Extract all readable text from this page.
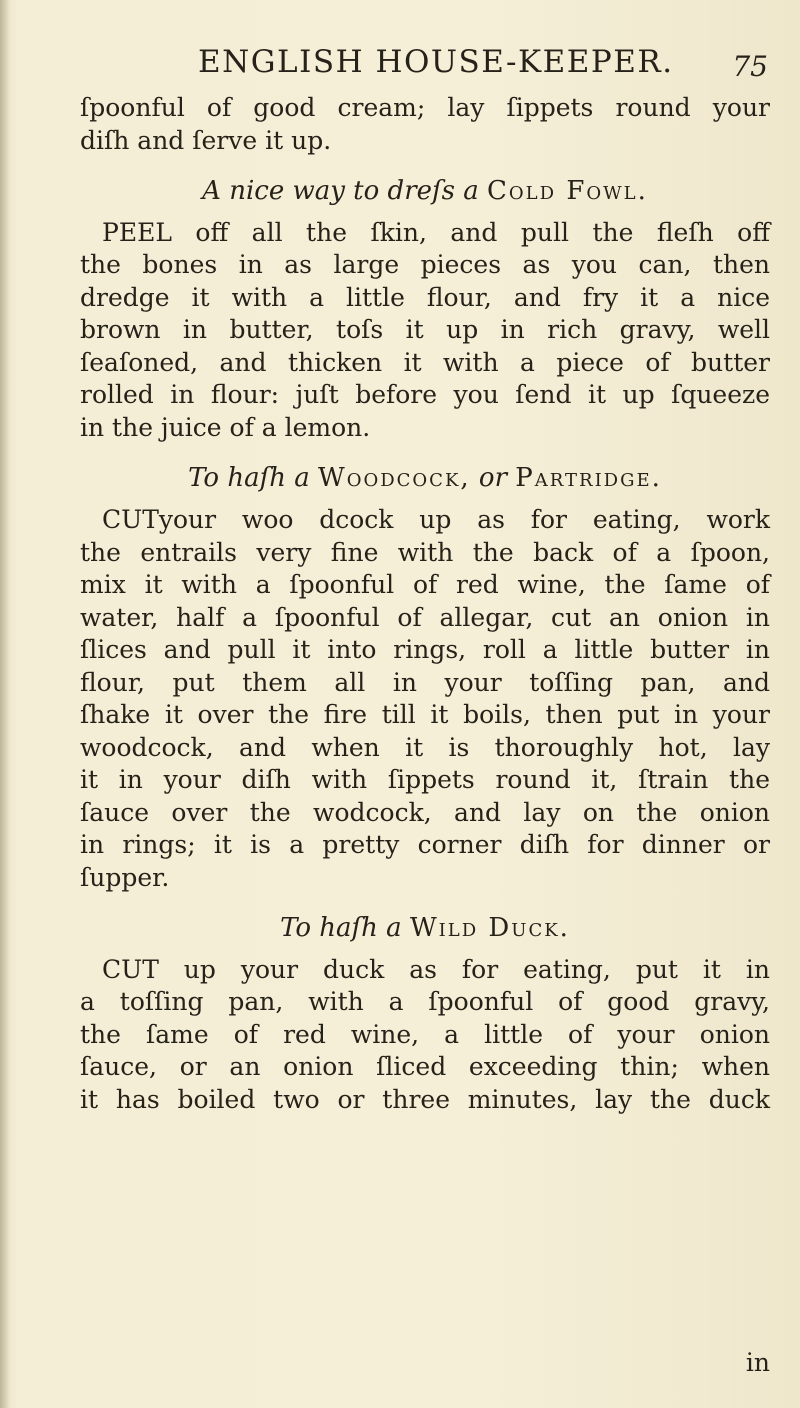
ENGLISH HOUSE-KEEPER. 75
ſpoonful of good cream; lay ſippets round your
diſh and ſerve it up.
A nice way to dreſs a Cold Fowl.
PEEL off all the ſkin, and pull the fleſh off
the bones in as large pieces as you can, then
dredge it with a little flour, and fry it a nice
brown in butter, toſs it up in rich gravy, well
ſeaſoned, and thicken it with a piece of butter
rolled in flour: juſt before you ſend it up ſqueeze
in the juice of a lemon.
To haſh a Woodcock, or Partridge.
CUTyour woo dcock up as for eating, work
the entrails very fine with the back of a ſpoon,
mix it with a ſpoonful of red wine, the ſame of
water, half a ſpoonful of allegar, cut an onion in
ſlices and pull it into rings, roll a little butter in
flour, put them all in your toſſing pan, and
ſhake it over the fire till it boils, then put in your
woodcock, and when it is thoroughly hot, lay
it in your diſh with ſippets round it, ſtrain the
ſauce over the wodcock, and lay on the onion
in rings; it is a pretty corner diſh for dinner or
ſupper.
To haſh a Wild Duck.
CUT up your duck as for eating, put it in
a toſſing pan, with a ſpoonful of good gravy,
the ſame of red wine, a little of your onion
ſauce, or an onion ſliced exceeding thin; when
it has boiled two or three minutes, lay the duck
in
